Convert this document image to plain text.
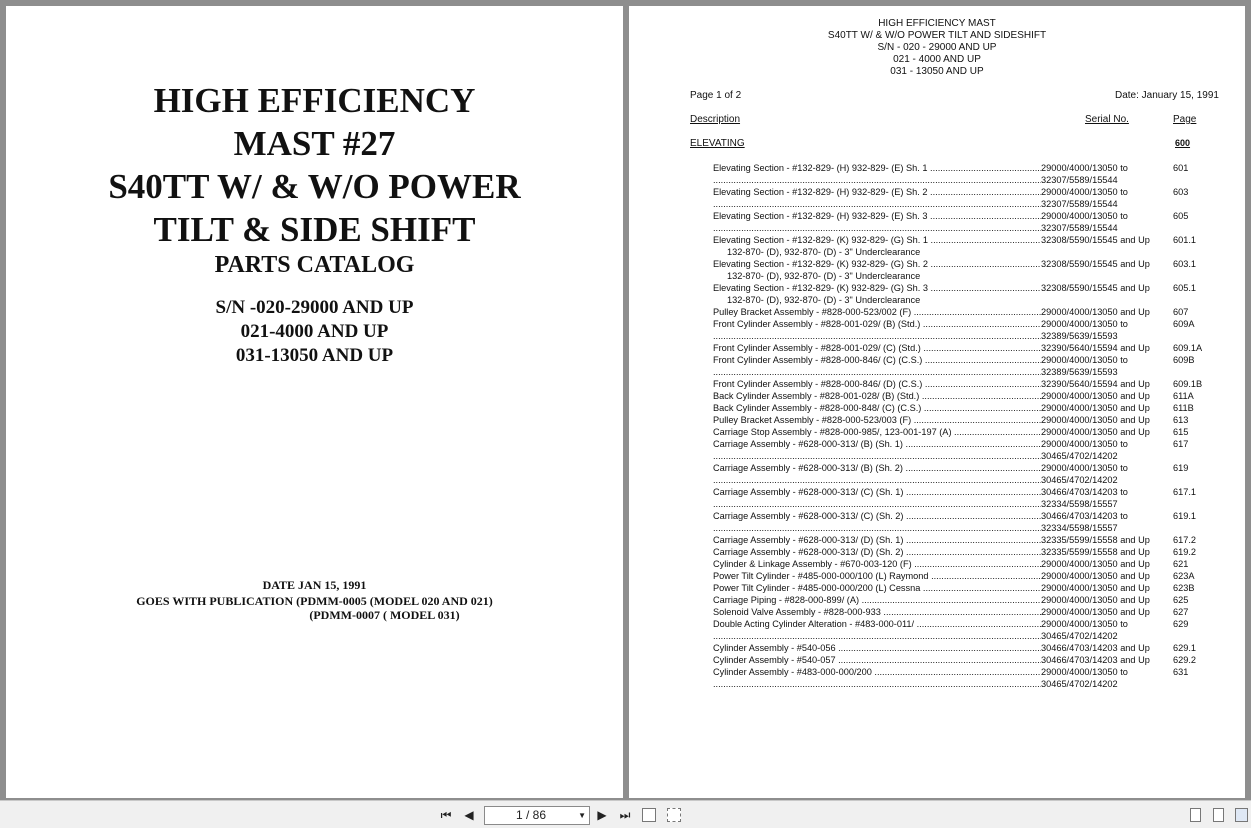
HIGH EFFICIENCY
MAST #27
S40TT W/ & W/O POWER
TILT & SIDE SHIFT
PARTS CATALOG
S/N -020-29000 AND UP
021-4000 AND UP
031-13050 AND UP
DATE JAN 15, 1991
GOES WITH PUBLICATION (PDMM-0005 (MODEL 020 AND 021)
(PDMM-0007 ( MODEL 031)
HIGH EFFICIENCY MAST
S40TT W/ & W/O POWER TILT AND SIDESHIFT
S/N - 020 - 29000 AND UP
021 - 4000 AND UP
031 - 13050 AND UP
Page 1 of 2	Date: January 15, 1991
Description	Serial No.	Page
ELEVATING	600
Elevating Section - #132-829- (H) 932-829- (E) Sh. 1 .....	29000/4000/13050 to	601
.....
32307/5589/15544
Elevating Section - #132-829- (H) 932-829- (E) Sh. 2 .....	29000/4000/13050 to	603
.....
32307/5589/15544
Elevating Section - #132-829- (H) 932-829- (E) Sh. 3 .....	29000/4000/13050 to	605
.....
32307/5589/15544
Elevating Section - #132-829- (K) 932-829- (G) Sh. 1 .....	32308/5590/15545 and Up	601.1
132-870- (D), 932-870- (D) - 3" Underclearance
Elevating Section - #132-829- (K) 932-829- (G) Sh. 2 .....	32308/5590/15545 and Up	603.1
132-870- (D), 932-870- (D) - 3" Underclearance
Elevating Section - #132-829- (K) 932-829- (G) Sh. 3 .....	32308/5590/15545 and Up	605.1
132-870- (D), 932-870- (D) - 3" Underclearance
Pulley Bracket Assembly - #828-000-523/002 (F) .....	29000/4000/13050 and Up	607
Front Cylinder Assembly - #828-001-029/ (B) (Std.) .....	29000/4000/13050 to	609A
.....
32389/5639/15593
Front Cylinder Assembly - #828-001-029/ (C) (Std.) .....	32390/5640/15594 and Up	609.1A
Front Cylinder Assembly - #828-000-846/ (C) (C.S.) .....	29000/4000/13050 to	609B
.....
32389/5639/15593
Front Cylinder Assembly - #828-000-846/ (D) (C.S.) .....	32390/5640/15594 and Up	609.1B
Back Cylinder Assembly - #828-001-028/ (B) (Std.) .....	29000/4000/13050 and Up	611A
Back Cylinder Assembly - #828-000-848/ (C) (C.S.) .....	29000/4000/13050 and Up	611B
Pulley Bracket Assembly - #828-000-523/003 (F) .....	29000/4000/13050 and Up	613
Carriage Stop Assembly - #828-000-985/, 123-001-197 (A) .....	29000/4000/13050 and Up	615
Carriage Assembly - #628-000-313/ (B) (Sh. 1) .....	29000/4000/13050 to	617
.....
30465/4702/14202
Carriage Assembly - #628-000-313/ (B) (Sh. 2) .....	29000/4000/13050 to	619
.....
30465/4702/14202
Carriage Assembly - #628-000-313/ (C) (Sh. 1) .....	30466/4703/14203 to	617.1
.....
32334/5598/15557
Carriage Assembly - #628-000-313/ (C) (Sh. 2) .....	30466/4703/14203 to	619.1
.....
32334/5598/15557
Carriage Assembly - #628-000-313/ (D) (Sh. 1) .....	32335/5599/15558 and Up	617.2
Carriage Assembly - #628-000-313/ (D) (Sh. 2) .....	32335/5599/15558 and Up	619.2
Cylinder & Linkage Assembly - #670-003-120 (F) .....	29000/4000/13050 and Up	621
Power Tilt Cylinder - #485-000-000/100 (L) Raymond .....	29000/4000/13050 and Up	623A
Power Tilt Cylinder - #485-000-000/200 (L) Cessna .....	29000/4000/13050 and Up	623B
Carriage Piping - #828-000-899/ (A) .....	29000/4000/13050 and Up	625
Solenoid Valve Assembly - #828-000-933 .....	29000/4000/13050 and Up	627
Double Acting Cylinder Alteration - #483-000-011/ .....	29000/4000/13050 to	629
.....
30465/4702/14202
Cylinder Assembly - #540-056 .....	30466/4703/14203 and Up	629.1
Cylinder Assembly - #540-057 .....	30466/4703/14203 and Up	629.2
Cylinder Assembly - #483-000-000/200 .....	29000/4000/13050 to	631
.....
30465/4702/14202
⏮ ◀	1 / 86	▼ ▶ ⏭
